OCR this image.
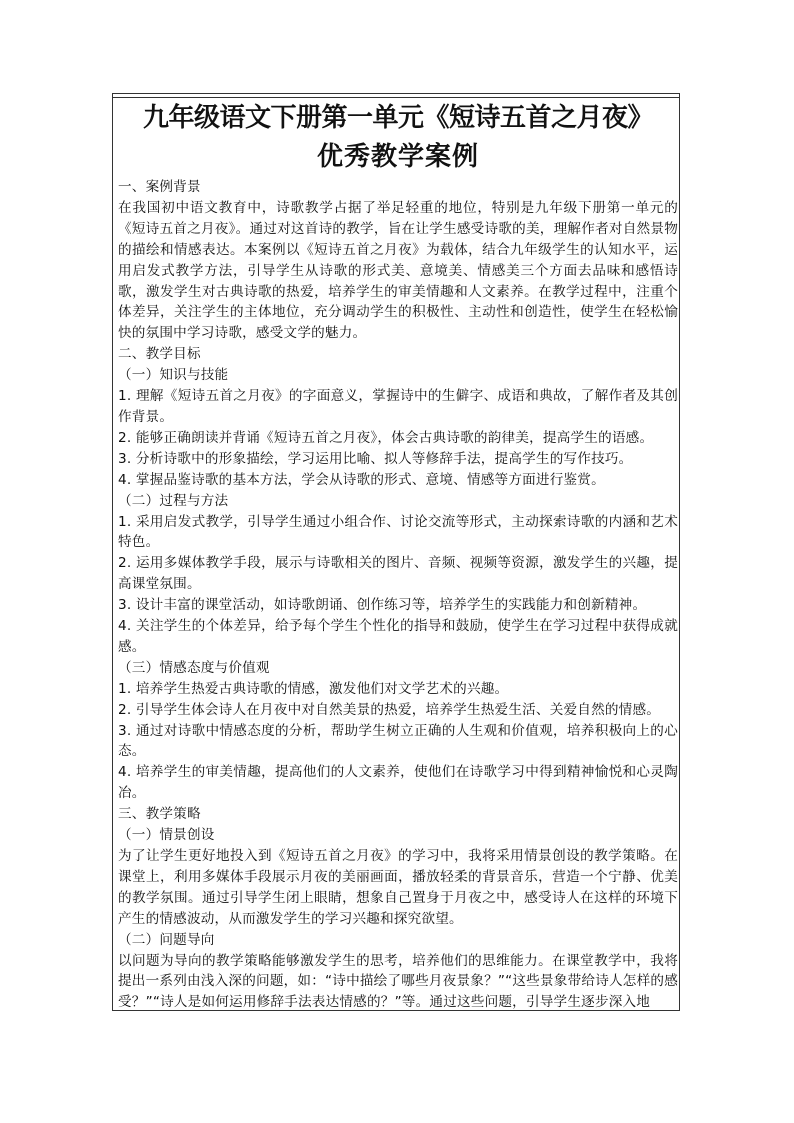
九年级语文下册第一单元《短诗五首之月夜》
优秀教学案例

一、案例背景

在我国初中语文教育中，诗歌教学占据了举足轻重的地位，特别是九年级下册第一单元的《短诗五首之月夜》。通过对这首诗的教学，旨在让学生感受诗歌的美，理解作者对自然景物的描绘和情感表达。本案例以《短诗五首之月夜》为载体，结合九年级学生的认知水平，运用启发式教学方法，引导学生从诗歌的形式美、意境美、情感美三个方面去品味和感悟诗歌，激发学生对古典诗歌的热爱，培养学生的审美情趣和人文素养。在教学过程中，注重个体差异，关注学生的主体地位，充分调动学生的积极性、主动性和创造性，使学生在轻松愉快的氛围中学习诗歌，感受文学的魅力。

二、教学目标

（一）知识与技能

1. 理解《短诗五首之月夜》的字面意义，掌握诗中的生僻字、成语和典故，了解作者及其创作背景。

2. 能够正确朗读并背诵《短诗五首之月夜》，体会古典诗歌的韵律美，提高学生的语感。

3. 分析诗歌中的形象描绘，学习运用比喻、拟人等修辞手法，提高学生的写作技巧。

4. 掌握品鉴诗歌的基本方法，学会从诗歌的形式、意境、情感等方面进行鉴赏。

（二）过程与方法

1. 采用启发式教学，引导学生通过小组合作、讨论交流等形式，主动探索诗歌的内涵和艺术特色。

2. 运用多媒体教学手段，展示与诗歌相关的图片、音频、视频等资源，激发学生的兴趣，提高课堂氛围。

3. 设计丰富的课堂活动，如诗歌朗诵、创作练习等，培养学生的实践能力和创新精神。

4. 关注学生的个体差异，给予每个学生个性化的指导和鼓励，使学生在学习过程中获得成就感。

（三）情感态度与价值观

1. 培养学生热爱古典诗歌的情感，激发他们对文学艺术的兴趣。

2. 引导学生体会诗人在月夜中对自然美景的热爱，培养学生热爱生活、关爱自然的情感。

3. 通过对诗歌中情感态度的分析，帮助学生树立正确的人生观和价值观，培养积极向上的心态。

4. 培养学生的审美情趣，提高他们的人文素养，使他们在诗歌学习中得到精神愉悦和心灵陶冶。

三、教学策略

（一）情景创设

为了让学生更好地投入到《短诗五首之月夜》的学习中，我将采用情景创设的教学策略。在课堂上，利用多媒体手段展示月夜的美丽画面，播放轻柔的背景音乐，营造一个宁静、优美的教学氛围。通过引导学生闭上眼睛，想象自己置身于月夜之中，感受诗人在这样的环境下产生的情感波动，从而激发学生的学习兴趣和探究欲望。

（二）问题导向

以问题为导向的教学策略能够激发学生的思考，培养他们的思维能力。在课堂教学中，我将提出一系列由浅入深的问题，如：“诗中描绘了哪些月夜景象？”“这些景象带给诗人怎样的感受？”“诗人是如何运用修辞手法表达情感的？”等。通过这些问题，引导学生逐步深入地
